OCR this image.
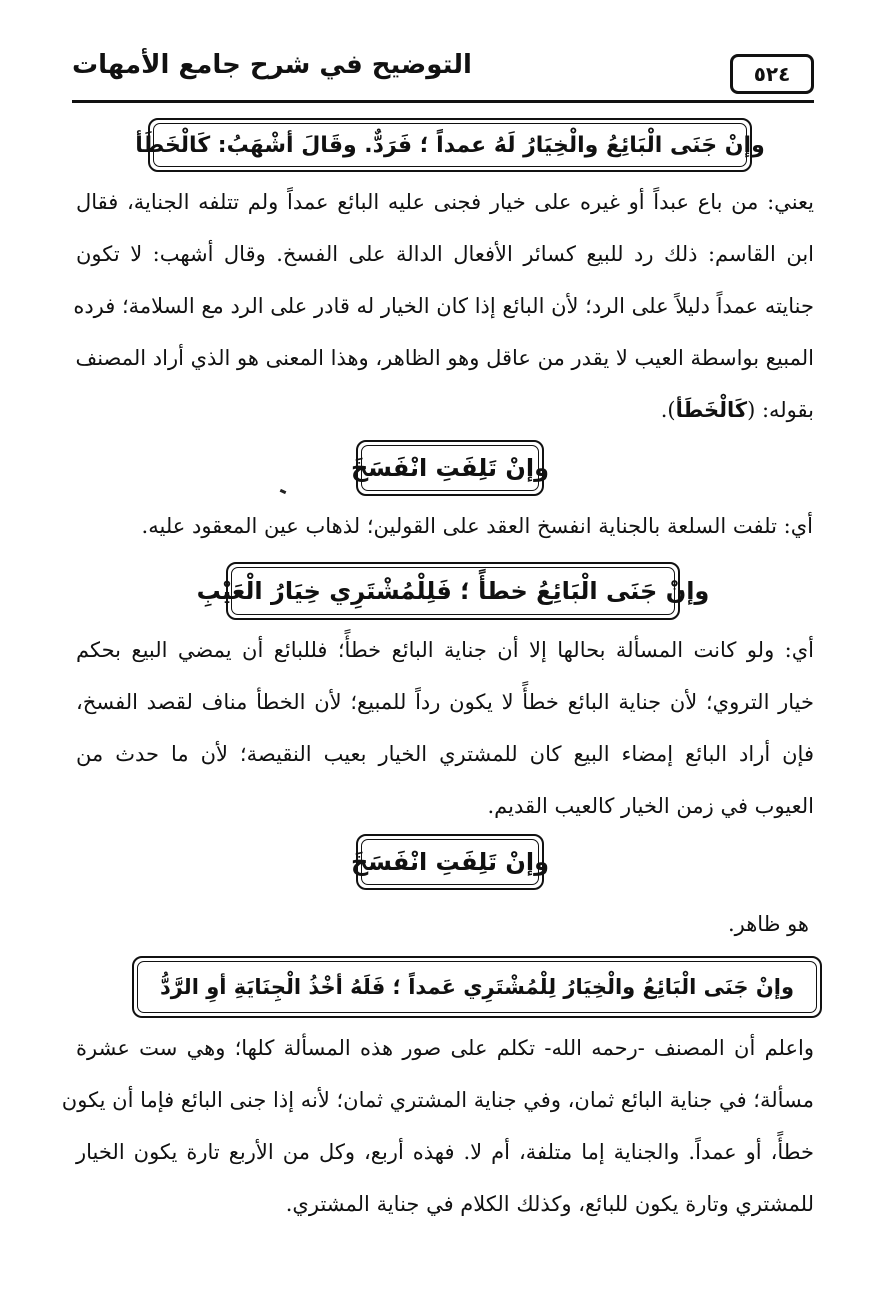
التوضيح في شرح جامع الأمهات	٥٢٤
وإنْ جَنَى الْبَائِعُ والْخِيَارُ لَهُ عمداً ؛ فَرَدٌّ. وقَالَ أشْهَبُ: كَالْخَطَأ
يعني: من باع عبداً أو غيره على خيار فجنى عليه البائع عمداً ولم تتلفه الجناية، فقال
ابن القاسم: ذلك رد للبيع كسائر الأفعال الدالة على الفسخ. وقال أشهب: لا تكون
جنايته عمداً دليلاً على الرد؛ لأن البائع إذا كان الخيار له قادر على الرد مع السلامة؛ فرده
المبيع بواسطة العيب لا يقدر من عاقل وهو الظاهر، وهذا المعنى هو الذي أراد المصنف
بقوله: (كَالْخَطَأ).
وإنْ تَلِفَتِ انْفَسَخَ
أي: تلفت السلعة بالجناية انفسخ العقد على القولين؛ لذهاب عين المعقود عليه.
وإنْ جَنَى الْبَائِعُ خطأً ؛ فَلِلْمُشْتَرِي خِيَارُ الْعَيْبِ
أي: ولو كانت المسألة بحالها إلا أن جناية البائع خطأً؛ فللبائع أن يمضي البيع بحكم
خيار التروي؛ لأن جناية البائع خطأً لا يكون رداً للمبيع؛ لأن الخطأ مناف لقصد الفسخ،
فإن أراد البائع إمضاء البيع كان للمشتري الخيار بعيب النقيصة؛ لأن ما حدث من
العيوب في زمن الخيار كالعيب القديم.
وإنْ تَلِفَتِ انْفَسَخَ
هو ظاهر.
وإنْ جَنَى الْبَائِعُ والْخِيَارُ لِلْمُشْتَرِي عَمداً ؛ فَلَهُ أخْذُ الْجِنَايَةِ أوِ الرَّدُّ
واعلم أن المصنف -رحمه الله- تكلم على صور هذه المسألة كلها؛ وهي ست عشرة
مسألة؛ في جناية البائع ثمان، وفي جناية المشتري ثمان؛ لأنه إذا جنى البائع فإما أن يكون
خطأً، أو عمداً. والجناية إما متلفة، أم لا. فهذه أربع، وكل من الأربع تارة يكون الخيار
للمشتري وتارة يكون للبائع، وكذلك الكلام في جناية المشتري.
